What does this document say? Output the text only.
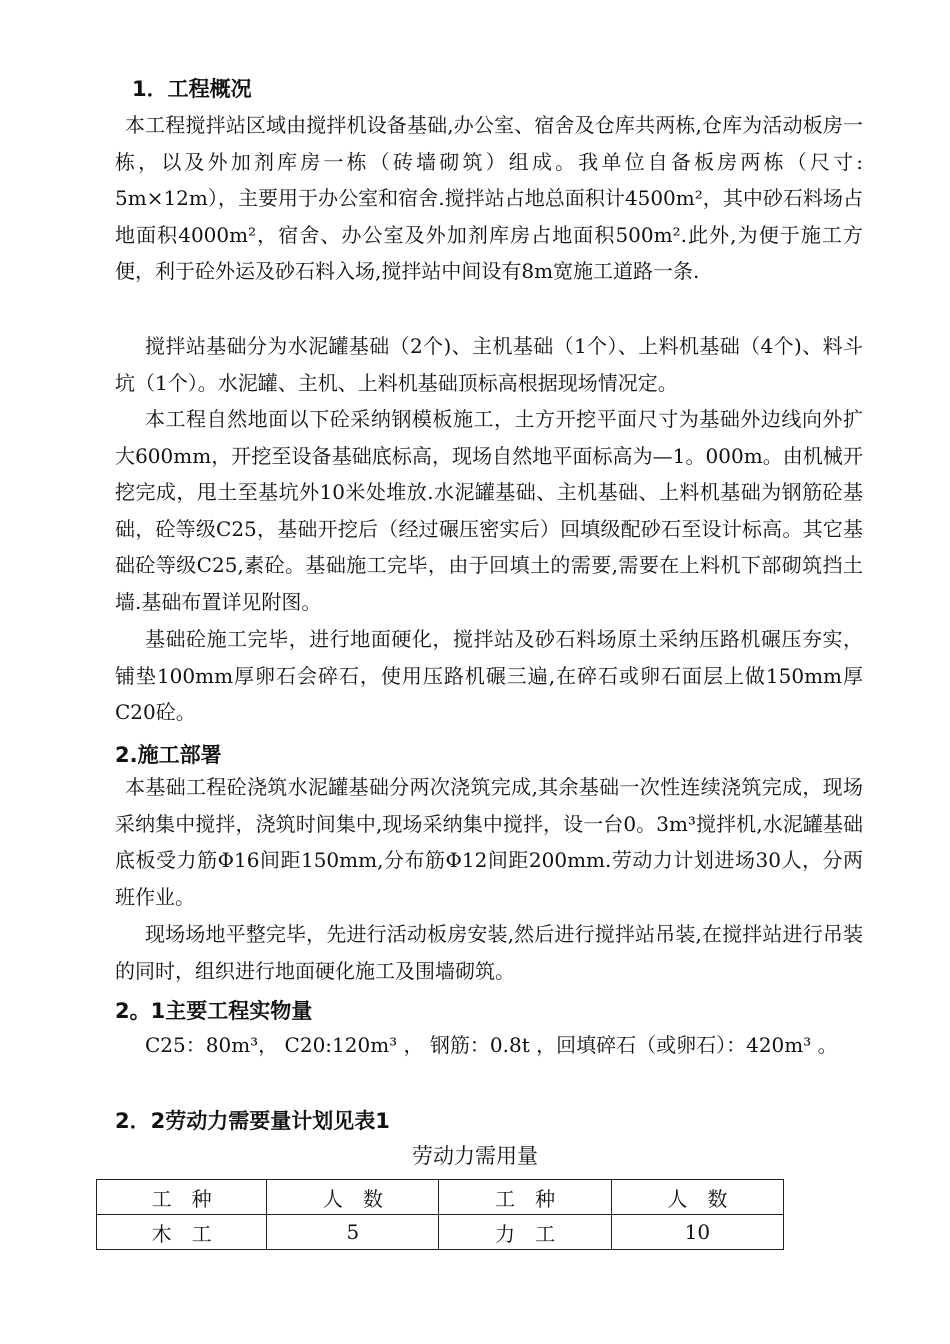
1．工程概况

本工程搅拌站区域由搅拌机设备基础,办公室、宿舍及仓库共两栋,仓库为活动板房一栋，以及外加剂库房一栋（砖墙砌筑）组成。我单位自备板房两栋（尺寸: 5m×12m），主要用于办公室和宿舍.搅拌站占地总面积计4500m²，其中砂石料场占地面积4000m²，宿舍、办公室及外加剂库房占地面积500m².此外,为便于施工方便，利于砼外运及砂石料入场,搅拌站中间设有8m宽施工道路一条.

搅拌站基础分为水泥罐基础（2个)、主机基础（1个）、上料机基础（4个)、料斗坑（1个）。水泥罐、主机、上料机基础顶标高根据现场情况定。

本工程自然地面以下砼采纳钢模板施工，土方开挖平面尺寸为基础外边线向外扩大600mm，开挖至设备基础底标高，现场自然地平面标高为—1。000m。由机械开挖完成，甩土至基坑外10米处堆放.水泥罐基础、主机基础、上料机基础为钢筋砼基础，砼等级C25，基础开挖后（经过碾压密实后）回填级配砂石至设计标高。其它基础砼等级C25,素砼。基础施工完毕，由于回填土的需要,需要在上料机下部砌筑挡土墙.基础布置详见附图。

基础砼施工完毕，进行地面硬化，搅拌站及砂石料场原土采纳压路机碾压夯实，铺垫100mm厚卵石会碎石，使用压路机碾三遍,在碎石或卵石面层上做150mm厚C20砼。

2.施工部署

本基础工程砼浇筑水泥罐基础分两次浇筑完成,其余基础一次性连续浇筑完成，现场采纳集中搅拌，浇筑时间集中,现场采纳集中搅拌，设一台0。3m³搅拌机,水泥罐基础底板受力筋Φ16间距150mm,分布筋Φ12间距200mm.劳动力计划进场30人，分两班作业。

现场场地平整完毕，先进行活动板房安装,然后进行搅拌站吊装,在搅拌站进行吊装的同时，组织进行地面硬化施工及围墙砌筑。

2。1主要工程实物量

C25：80m³， C20:120m³ ， 钢筋：0.8t ，回填碎石（或卵石）：420m³ 。

2．2劳动力需要量计划见表1
劳动力需用量
工　种	人　数	工　种	人　数
木　工	5	力　工	10
